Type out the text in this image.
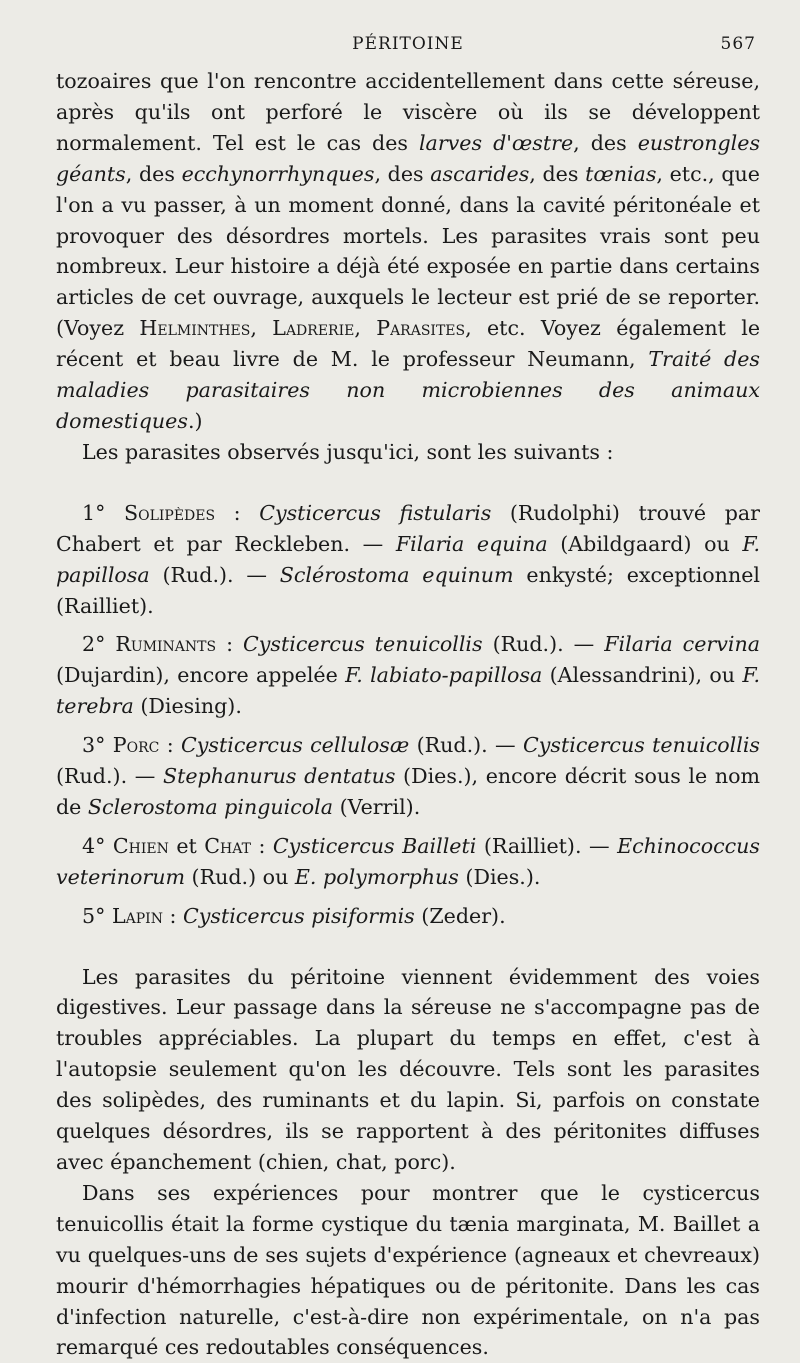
PÉRITOINE	567

tozoaires que l'on rencontre accidentellement dans cette séreuse, après qu'ils ont perforé le viscère où ils se développent normalement. Tel est le cas des larves d'œstre, des eustrongles géants, des ecchynorrhynques, des ascarides, des tœnias, etc., que l'on a vu passer, à un moment donné, dans la cavité péritonéale et provoquer des désordres mortels. Les parasites vrais sont peu nombreux. Leur histoire a déjà été exposée en partie dans certains articles de cet ouvrage, auxquels le lecteur est prié de se reporter. (Voyez Helminthes, Ladrerie, Parasites, etc. Voyez également le récent et beau livre de M. le professeur Neumann, Traité des maladies parasitaires non microbiennes des animaux domestiques.)

Les parasites observés jusqu'ici, sont les suivants :

1° Solipèdes : Cysticercus fistularis (Rudolphi) trouvé par Chabert et par Reckleben. — Filaria equina (Abildgaard) ou F. papillosa (Rud.). — Sclérostoma equinum enkysté; exceptionnel (Railliet).

2° Ruminants : Cysticercus tenuicollis (Rud.). — Filaria cervina (Dujardin), encore appelée F. labiato-papillosa (Alessandrini), ou F. terebra (Diesing).

3° Porc : Cysticercus cellulosæ (Rud.). — Cysticercus tenuicollis (Rud.). — Stephanurus dentatus (Dies.), encore décrit sous le nom de Sclerostoma pinguicola (Verril).

4° Chien et Chat : Cysticercus Bailleti (Railliet). — Echinococcus veterinorum (Rud.) ou E. polymorphus (Dies.).

5° Lapin : Cysticercus pisiformis (Zeder).

Les parasites du péritoine viennent évidemment des voies digestives. Leur passage dans la séreuse ne s'accompagne pas de troubles appréciables. La plupart du temps en effet, c'est à l'autopsie seulement qu'on les découvre. Tels sont les parasites des solipèdes, des ruminants et du lapin. Si, parfois on constate quelques désordres, ils se rapportent à des péritonites diffuses avec épanchement (chien, chat, porc).

Dans ses expériences pour montrer que le cysticercus tenuicollis était la forme cystique du tænia marginata, M. Baillet a vu quelques-uns de ses sujets d'expérience (agneaux et chevreaux) mourir d'hémorrhagies hépatiques ou de péritonite. Dans les cas d'infection naturelle, c'est-à-dire non expérimentale, on n'a pas remarqué ces redoutables conséquences.
